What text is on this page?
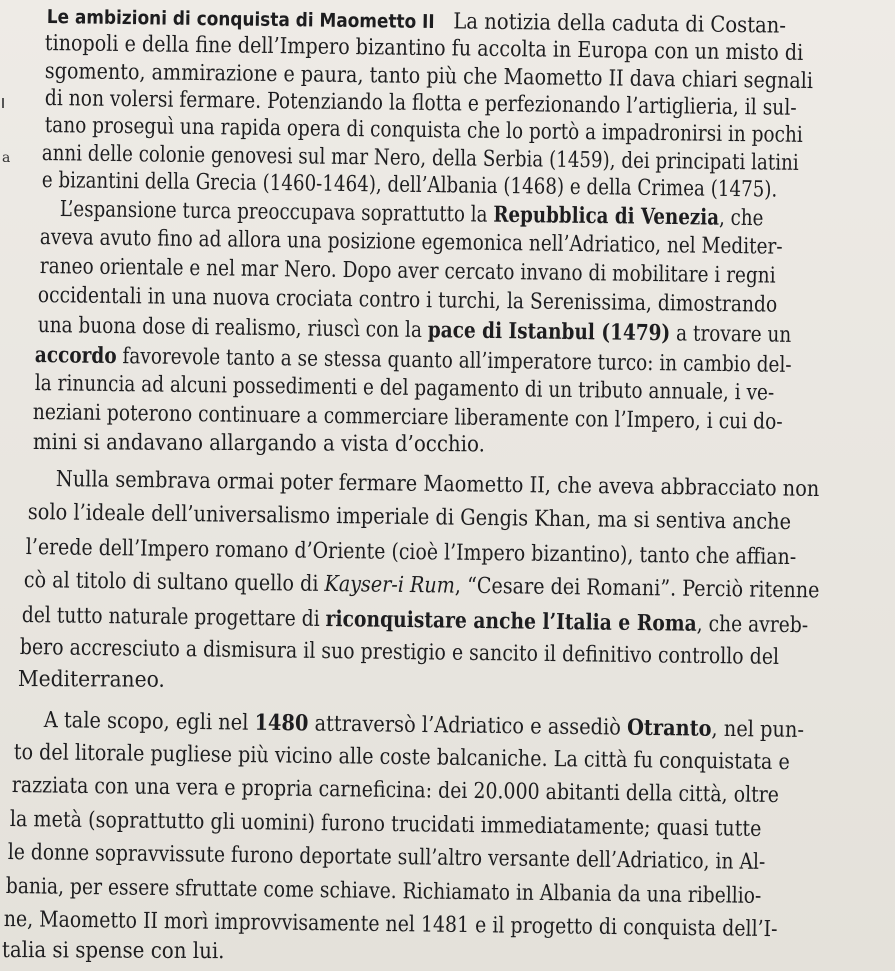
a
Le ambizioni di conquista di Maometto II La notizia della caduta di Costan-
tinopoli e della fine dell’Impero bizantino fu accolta in Europa con un misto di
sgomento, ammirazione e paura, tanto più che Maometto II dava chiari segnali
di non volersi fermare. Potenziando la flotta e perfezionando l’artiglieria, il sul-
tano proseguì una rapida opera di conquista che lo portò a impadronirsi in pochi
anni delle colonie genovesi sul mar Nero, della Serbia (1459), dei principati latini
e bizantini della Grecia (1460-1464), dell’Albania (1468) e della Crimea (1475).
L’espansione turca preoccupava soprattutto la Repubblica di Venezia, che
aveva avuto fino ad allora una posizione egemonica nell’Adriatico, nel Mediter-
raneo orientale e nel mar Nero. Dopo aver cercato invano di mobilitare i regni
occidentali in una nuova crociata contro i turchi, la Serenissima, dimostrando
una buona dose di realismo, riuscì con la pace di Istanbul (1479) a trovare un
accordo favorevole tanto a se stessa quanto all’imperatore turco: in cambio del-
la rinuncia ad alcuni possedimenti e del pagamento di un tributo annuale, i ve-
neziani poterono continuare a commerciare liberamente con l’Impero, i cui do-
mini si andavano allargando a vista d’occhio.
Nulla sembrava ormai poter fermare Maometto II, che aveva abbracciato non
solo l’ideale dell’universalismo imperiale di Gengis Khan, ma si sentiva anche
l’erede dell’Impero romano d’Oriente (cioè l’Impero bizantino), tanto che affian-
cò al titolo di sultano quello di Kayser-i Rum, “Cesare dei Romani”. Perciò ritenne
del tutto naturale progettare di riconquistare anche l’Italia e Roma, che avreb-
bero accresciuto a dismisura il suo prestigio e sancito il definitivo controllo del
Mediterraneo.
A tale scopo, egli nel 1480 attraversò l’Adriatico e assediò Otranto, nel pun-
to del litorale pugliese più vicino alle coste balcaniche. La città fu conquistata e
razziata con una vera e propria carneficina: dei 20.000 abitanti della città, oltre
la metà (soprattutto gli uomini) furono trucidati immediatamente; quasi tutte
le donne sopravvissute furono deportate sull’altro versante dell’Adriatico, in Al-
bania, per essere sfruttate come schiave. Richiamato in Albania da una ribellio-
ne, Maometto II morì improvvisamente nel 1481 e il progetto di conquista dell’I-
talia si spense con lui.
